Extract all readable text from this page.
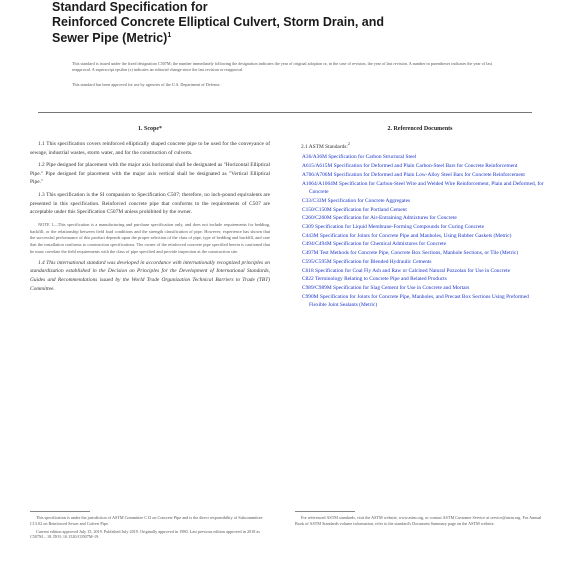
Standard Specification for
Reinforced Concrete Elliptical Culvert, Storm Drain, and
Sewer Pipe (Metric)$^1$

This standard is issued under the fixed designation C507M; the number immediately following the designation indicates the year of original adoption or, in the case of revision, the year of last revision. A number in parentheses indicates the year of last reapproval. A superscript epsilon (ε) indicates an editorial change since the last revision or reapproval.

This standard has been approved for use by agencies of the U.S. Department of Defense.

1. Scope*

1.1 This specification covers reinforced elliptically shaped concrete pipe to be used for the conveyance of sewage, industrial wastes, storm water, and for the construction of culverts.

1.2 Pipe designed for placement with the major axis horizontal shall be designated as "Horizontal Elliptical Pipe." Pipe designed for placement with the major axis vertical shall be designated as "Vertical Elliptical Pipe."

1.3 This specification is the SI companion to Specification C507; therefore, no inch-pound equivalents are presented in this specification. Reinforced concrete pipe that conforms to the requirements of C507 are acceptable under this Specification C507M unless prohibited by the owner.

NOTE 1—This specification is a manufacturing and purchase specification only, and does not include requirements for bedding, backfill, or the relationship between field load conditions and the strength classification of pipe. However, experience has shown that the successful performance of this product depends upon the proper selection of the class of pipe, type of bedding and backfill, and care that the installation conforms to construction specifications. The owner of the reinforced concrete pipe specified herein is cautioned that he must correlate the field requirements with the class of pipe specified and provide inspection at the construction site.

1.4 This international standard was developed in accordance with internationally recognized principles on standardization established in the Decision on Principles for the Development of International Standards, Guides and Recommendations issued by the World Trade Organization Technical Barriers to Trade (TBT) Committee.

2. Referenced Documents
2.1 ASTM Standards:$^2$
A36/A36M Specification for Carbon Structural Steel
A615/A615M Specification for Deformed and Plain Carbon-Steel Bars for Concrete Reinforcement
A706/A706M Specification for Deformed and Plain Low-Alloy Steel Bars for Concrete Reinforcement
A1064/A1064M Specification for Carbon-Steel Wire and Welded Wire Reinforcement, Plain and Deformed, for Concrete
C33/C33M Specification for Concrete Aggregates
C150/C150M Specification for Portland Cement
C260/C260M Specification for Air-Entraining Admixtures for Concrete
C309 Specification for Liquid Membrane-Forming Compounds for Curing Concrete
C443M Specification for Joints for Concrete Pipe and Manholes, Using Rubber Gaskets (Metric)
C494/C494M Specification for Chemical Admixtures for Concrete
C497M Test Methods for Concrete Pipe, Concrete Box Sections, Manhole Sections, or Tile (Metric)
C595/C595M Specification for Blended Hydraulic Cements
C618 Specification for Coal Fly Ash and Raw or Calcined Natural Pozzolan for Use in Concrete
C822 Terminology Relating to Concrete Pipe and Related Products
C989/C989M Specification for Slag Cement for Use in Concrete and Mortars
C990M Specification for Joints for Concrete Pipe, Manholes, and Precast Box Sections Using Preformed Flexible Joint Sealants (Metric)

This specification is under the jurisdiction of ASTM Committee C13 on Concrete Pipe and is the direct responsibility of Subcommittee C13.02 on Reinforced Sewer and Culvert Pipe.

Current edition approved July 15, 2019. Published July 2019. Originally approved in 1980. Last previous edition approved in 2018 as C507M – 18. DOI: 10.1520/C0507M-19.

For referenced ASTM standards, visit the ASTM website, www.astm.org, or contact ASTM Customer Service at service@astm.org. For Annual Book of ASTM Standards volume information, refer to the standard's Document Summary page on the ASTM website.
